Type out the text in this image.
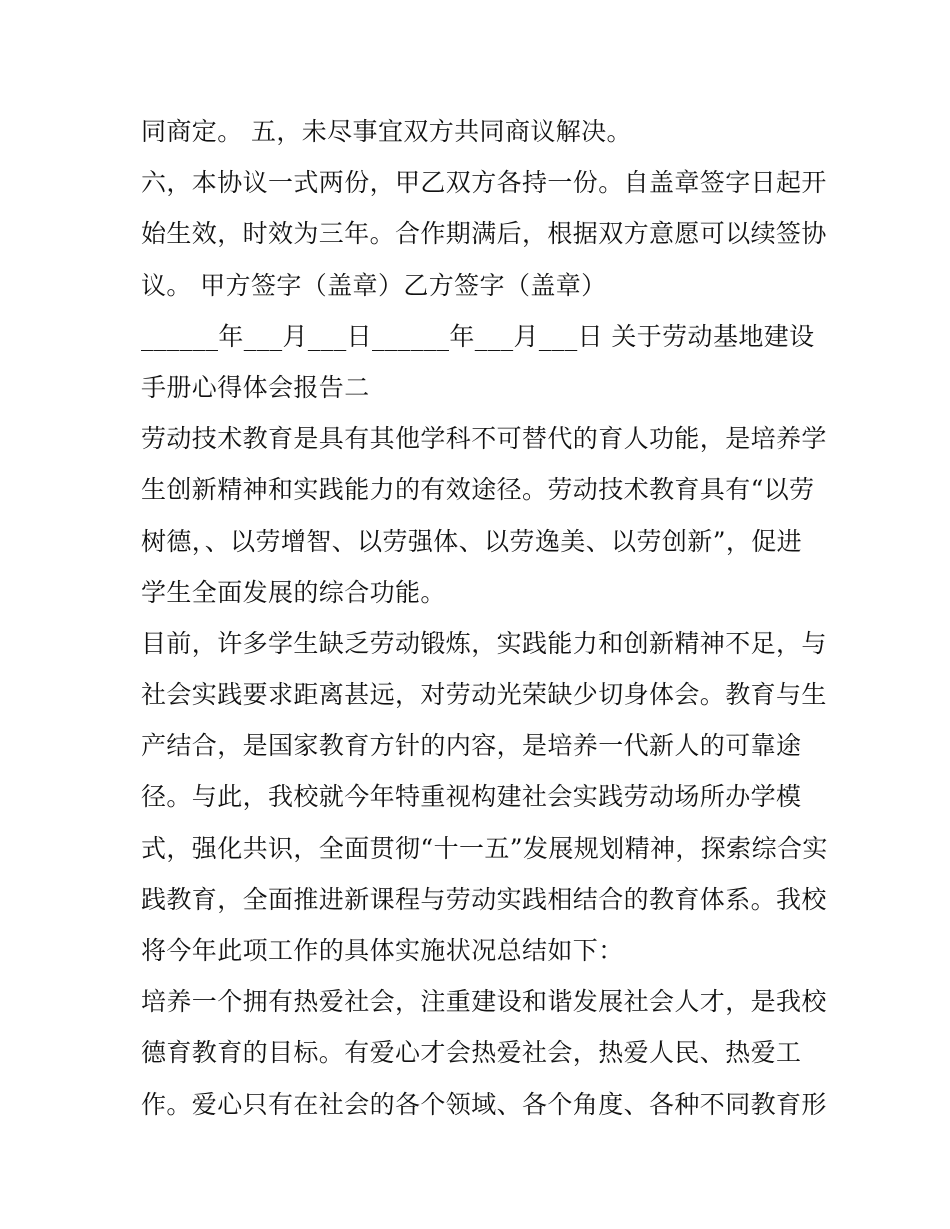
同商定。 五，未尽事宜双方共同商议解决。
六，本协议一式两份，甲乙双方各持一份。自盖章签字日起开
始生效，时效为三年。合作期满后，根据双方意愿可以续签协
议。 甲方签字（盖章）乙方签字（盖章）
______年___月___日______年___月___日 关于劳动基地建设
手册心得体会报告二
劳动技术教育是具有其他学科不可替代的育人功能，是培养学
生创新精神和实践能力的有效途径。劳动技术教育具有“以劳
树德，、以劳增智、以劳强体、以劳逸美、以劳创新”，促进
学生全面发展的综合功能。
目前，许多学生缺乏劳动锻炼，实践能力和创新精神不足，与
社会实践要求距离甚远，对劳动光荣缺少切身体会。教育与生
产结合，是国家教育方针的内容，是培养一代新人的可靠途
径。与此，我校就今年特重视构建社会实践劳动场所办学模
式，强化共识，全面贯彻“十一五”发展规划精神，探索综合实
践教育，全面推进新课程与劳动实践相结合的教育体系。我校
将今年此项工作的具体实施状况总结如下：
培养一个拥有热爱社会，注重建设和谐发展社会人才，是我校
德育教育的目标。有爱心才会热爱社会，热爱人民、热爱工
作。爱心只有在社会的各个领域、各个角度、各种不同教育形
